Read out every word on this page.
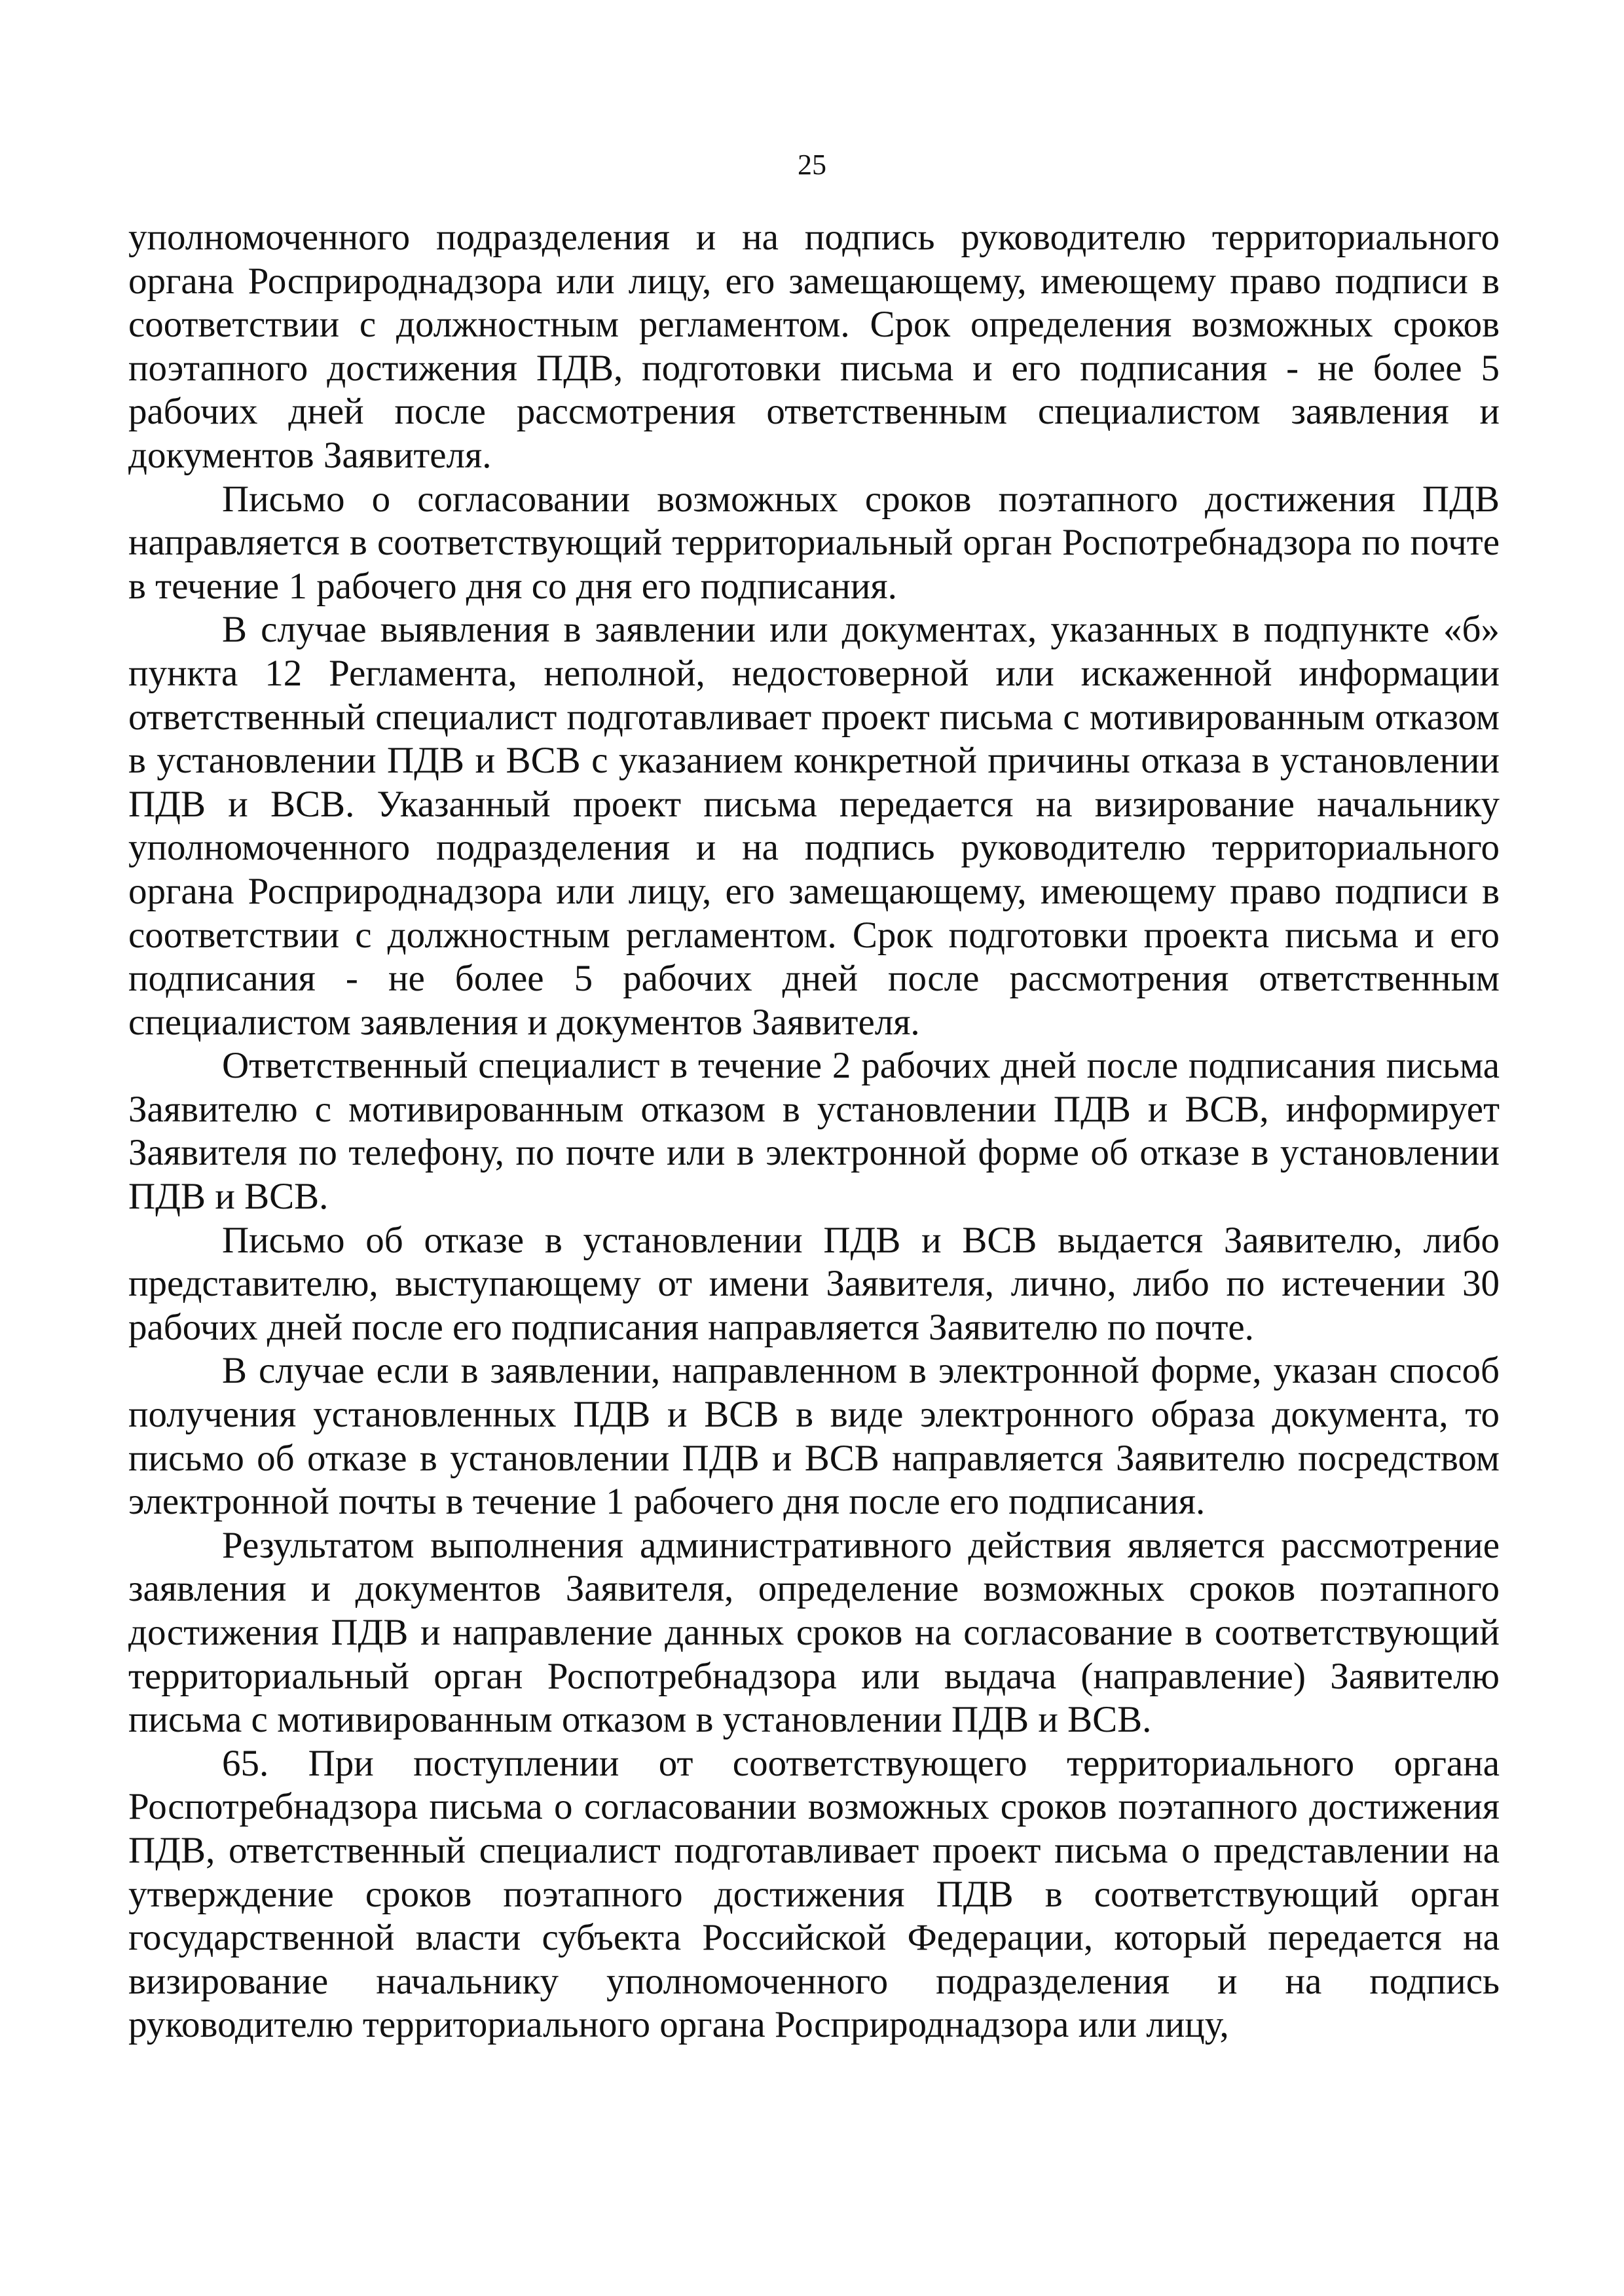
25

уполномоченного подразделения и на подпись руководителю территориального органа Росприроднадзора или лицу, его замещающему, имеющему право подписи в соответствии с должностным регламентом. Срок определения возможных сроков поэтапного достижения ПДВ, подготовки письма и его подписания - не более 5 рабочих дней после рассмотрения ответственным специалистом заявления и документов Заявителя.

Письмо о согласовании возможных сроков поэтапного достижения ПДВ направляется в соответствующий территориальный орган Роспотребнадзора по почте в течение 1 рабочего дня со дня его подписания.

В случае выявления в заявлении или документах, указанных в подпункте «б» пункта 12 Регламента, неполной, недостоверной или искаженной информации ответственный специалист подготавливает проект письма с мотивированным отказом в установлении ПДВ и ВСВ с указанием конкретной причины отказа в установлении ПДВ и ВСВ. Указанный проект письма передается на визирование начальнику уполномоченного подразделения и на подпись руководителю территориального органа Росприроднадзора или лицу, его замещающему, имеющему право подписи в соответствии с должностным регламентом. Срок подготовки проекта письма и его подписания - не более 5 рабочих дней после рассмотрения ответственным специалистом заявления и документов Заявителя.

Ответственный специалист в течение 2 рабочих дней после подписания письма Заявителю с мотивированным отказом в установлении ПДВ и ВСВ, информирует Заявителя по телефону, по почте или в электронной форме об отказе в установлении ПДВ и ВСВ.

Письмо об отказе в установлении ПДВ и ВСВ выдается Заявителю, либо представителю, выступающему от имени Заявителя, лично, либо по истечении 30 рабочих дней после его подписания направляется Заявителю по почте.

В случае если в заявлении, направленном в электронной форме, указан способ получения установленных ПДВ и ВСВ в виде электронного образа документа, то письмо об отказе в установлении ПДВ и ВСВ направляется Заявителю посредством электронной почты в течение 1 рабочего дня после его подписания.

Результатом выполнения административного действия является рассмотрение заявления и документов Заявителя, определение возможных сроков поэтапного достижения ПДВ и направление данных сроков на согласование в соответствующий территориальный орган Роспотребнадзора или выдача (направление) Заявителю письма с мотивированным отказом в установлении ПДВ и ВСВ.

65. При поступлении от соответствующего территориального органа Роспотребнадзора письма о согласовании возможных сроков поэтапного достижения ПДВ, ответственный специалист подготавливает проект письма о представлении на утверждение сроков поэтапного достижения ПДВ в соответствующий орган государственной власти субъекта Российской Федерации, который передается на визирование начальнику уполномоченного подразделения и на подпись руководителю территориального органа Росприроднадзора или лицу,
